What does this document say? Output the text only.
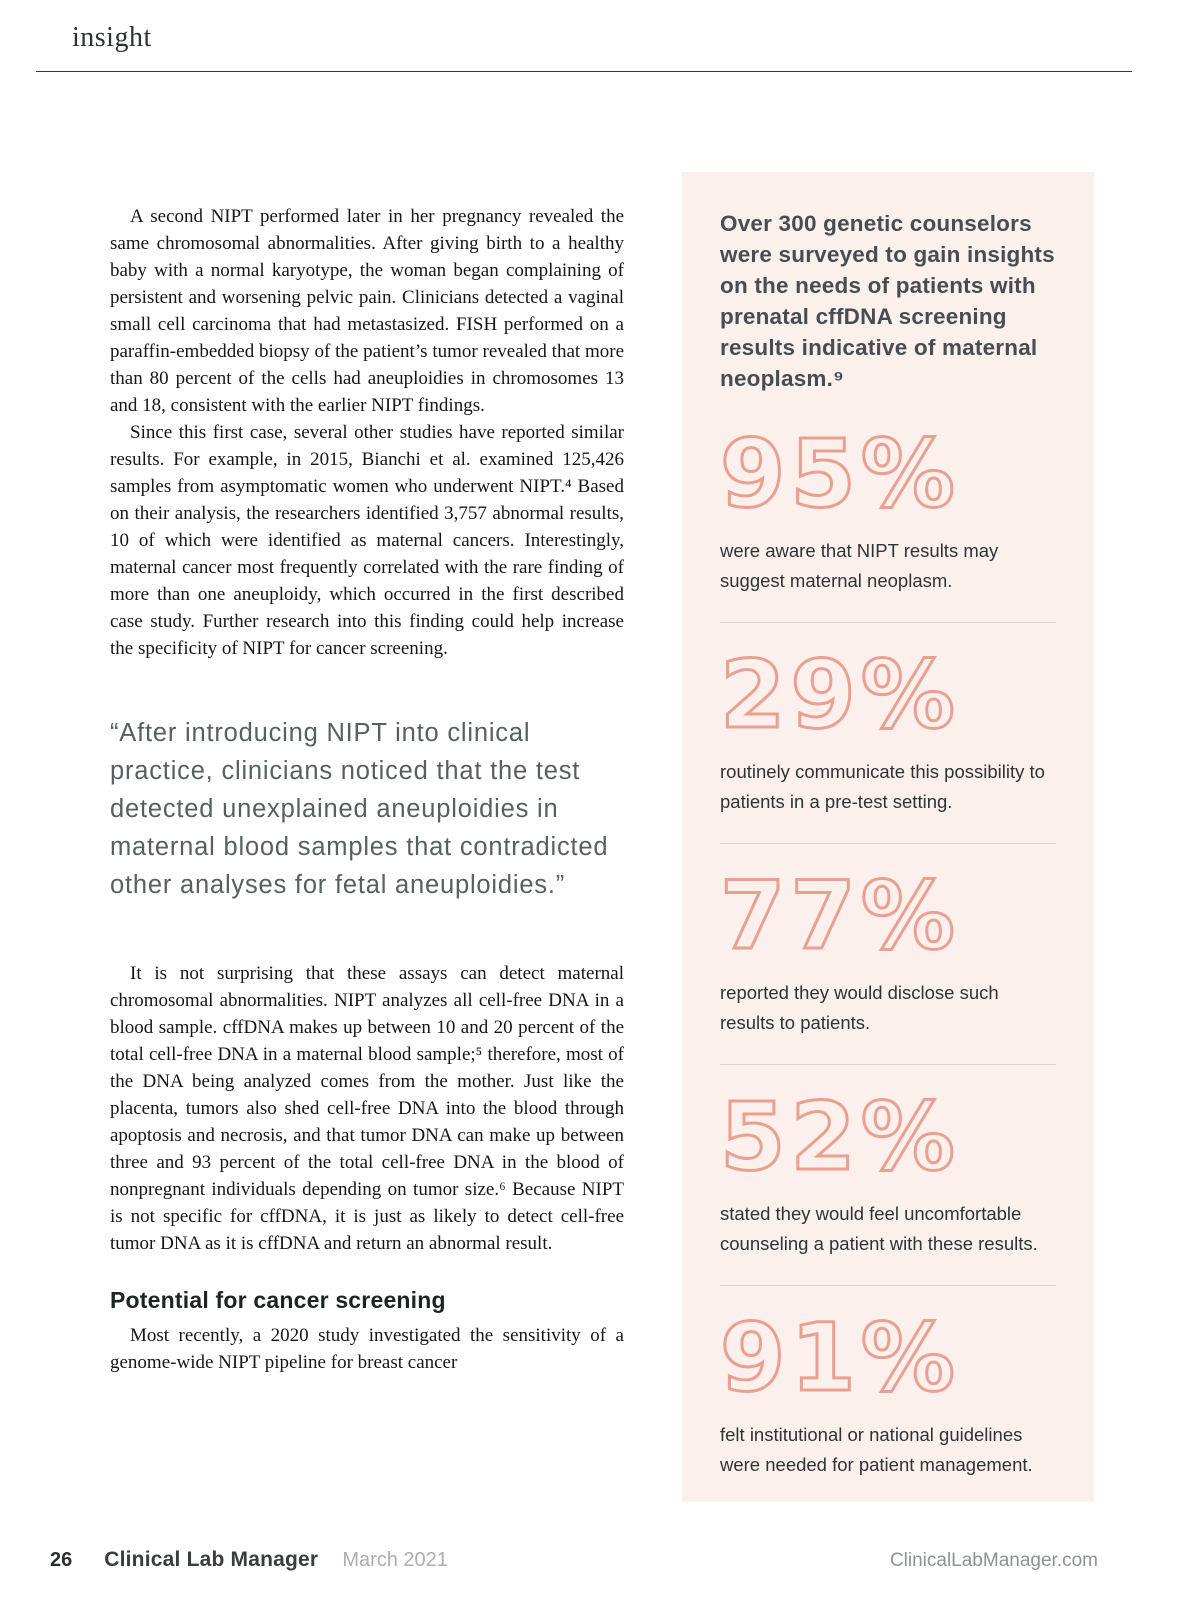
insight

A second NIPT performed later in her pregnancy revealed the same chromosomal abnormalities. After giving birth to a healthy baby with a normal karyotype, the woman began complaining of persistent and worsening pelvic pain. Clinicians detected a vaginal small cell carcinoma that had metastasized. FISH performed on a paraffin-embedded biopsy of the patient’s tumor revealed that more than 80 percent of the cells had aneuploidies in chromosomes 13 and 18, consistent with the earlier NIPT findings.

Since this first case, several other studies have reported similar results. For example, in 2015, Bianchi et al. examined 125,426 samples from asymptomatic women who underwent NIPT.⁴ Based on their analysis, the researchers identified 3,757 abnormal results, 10 of which were identified as maternal cancers. Interestingly, maternal cancer most frequently correlated with the rare finding of more than one aneuploidy, which occurred in the first described case study. Further research into this finding could help increase the specificity of NIPT for cancer screening.

“After introducing NIPT into clinical practice, clinicians noticed that the test detected unexplained aneuploidies in maternal blood samples that contradicted other analyses for fetal aneuploidies.”

It is not surprising that these assays can detect maternal chromosomal abnormalities. NIPT analyzes all cell-free DNA in a blood sample. cffDNA makes up between 10 and 20 percent of the total cell-free DNA in a maternal blood sample;⁵ therefore, most of the DNA being analyzed comes from the mother. Just like the placenta, tumors also shed cell-free DNA into the blood through apoptosis and necrosis, and that tumor DNA can make up between three and 93 percent of the total cell-free DNA in the blood of nonpregnant individuals depending on tumor size.⁶ Because NIPT is not specific for cffDNA, it is just as likely to detect cell-free tumor DNA as it is cffDNA and return an abnormal result.

Potential for cancer screening

Most recently, a 2020 study investigated the sensitivity of a genome-wide NIPT pipeline for breast cancer

Over 300 genetic counselors were surveyed to gain insights on the needs of patients with prenatal cffDNA screening results indicative of maternal neoplasm.⁹
95%
were aware that NIPT results may suggest maternal neoplasm.
29%
routinely communicate this possibility to patients in a pre-test setting.
77%
reported they would disclose such results to patients.
52%
stated they would feel uncomfortable counseling a patient with these results.
91%
felt institutional or national guidelines were needed for patient management.
26 Clinical Lab Manager March 2021	ClinicalLabManager.com
